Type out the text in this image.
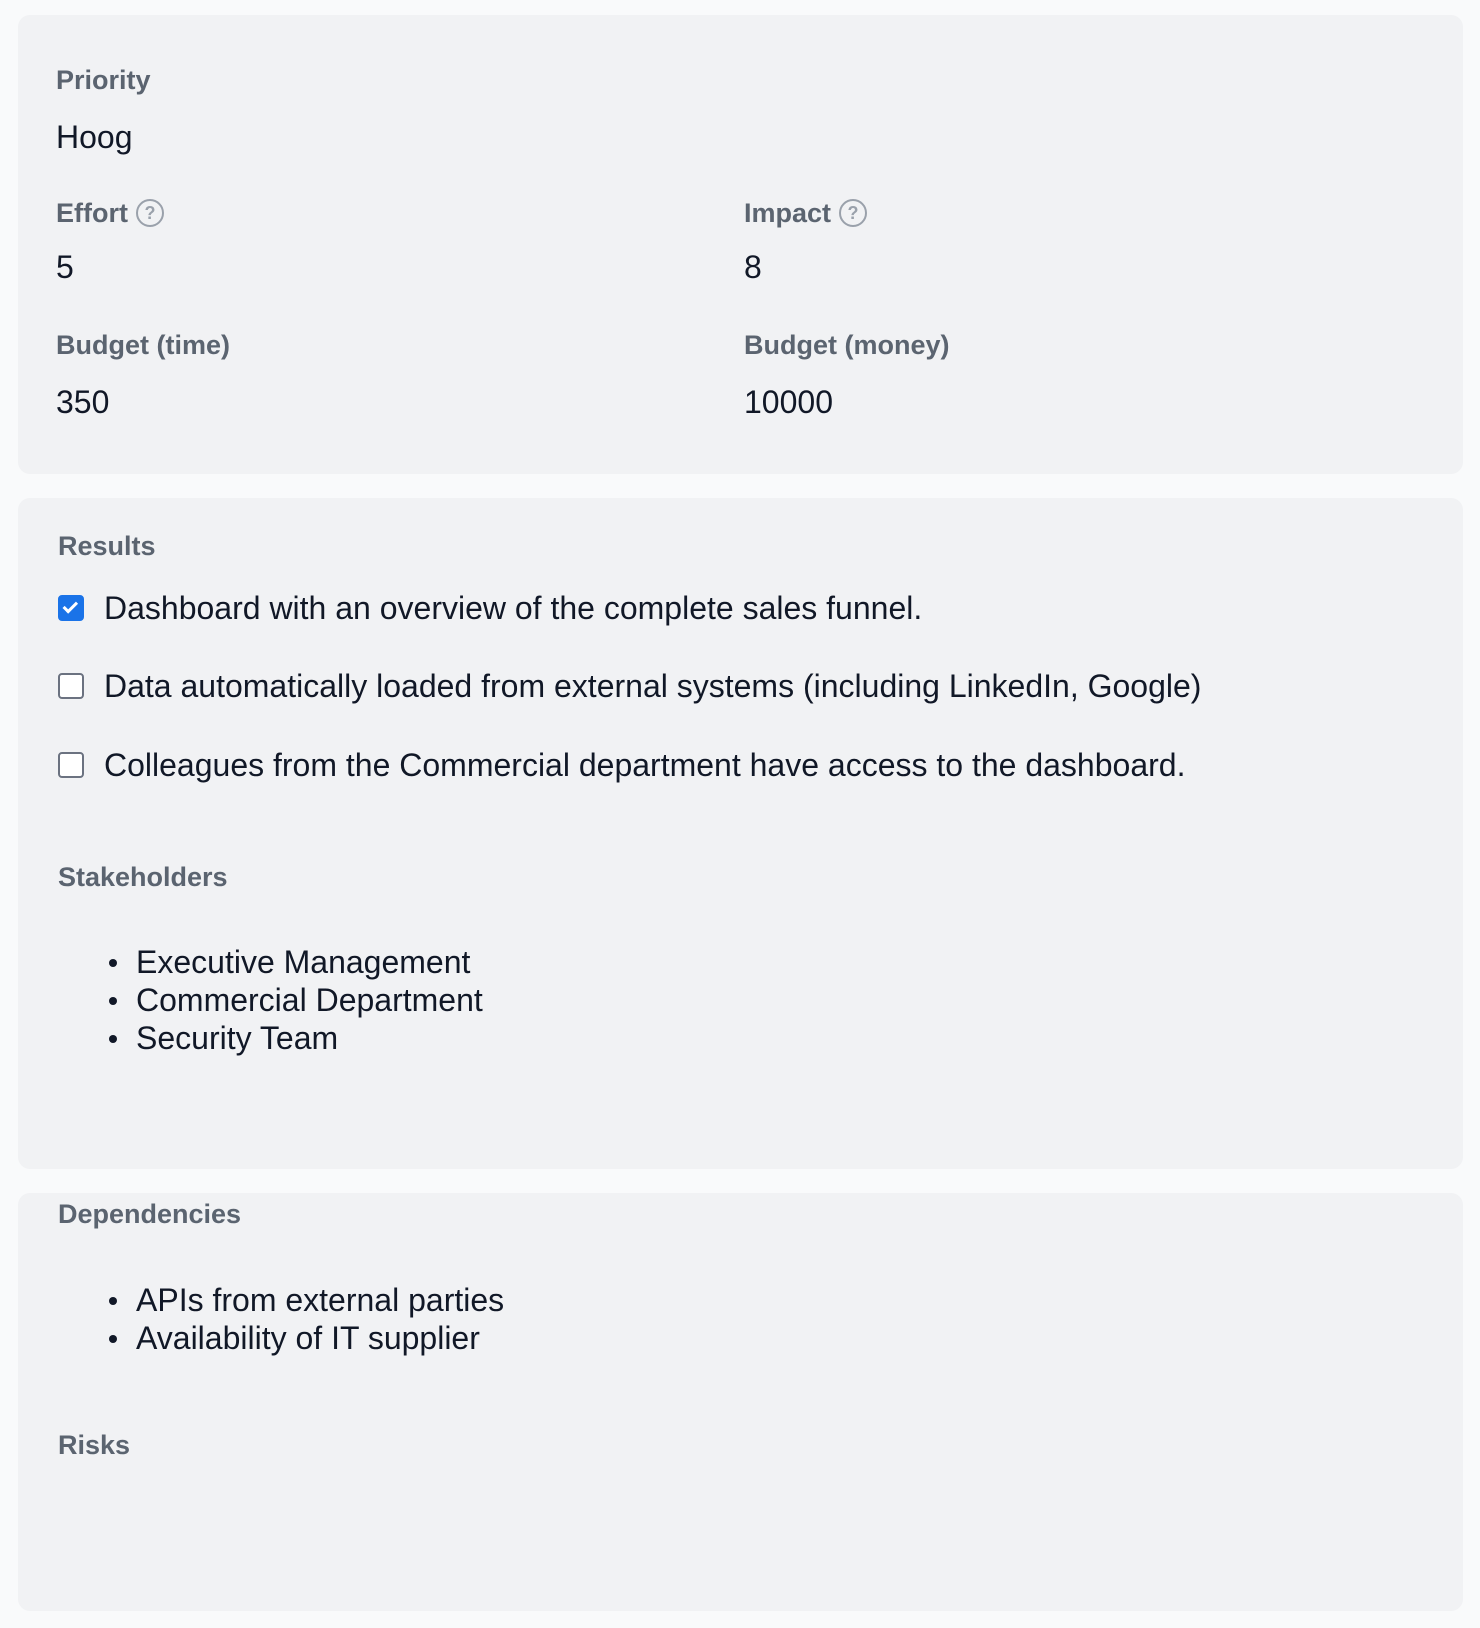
Priority
Hoog
Effort ?
5
Impact ?
8
Budget (time)
350
Budget (money)
10000
Results
Dashboard with an overview of the complete sales funnel.
Data automatically loaded from external systems (including LinkedIn, Google)
Colleagues from the Commercial department have access to the dashboard.
Stakeholders
Executive Management
Commercial Department
Security Team
Dependencies
APIs from external parties
Availability of IT supplier
Risks
